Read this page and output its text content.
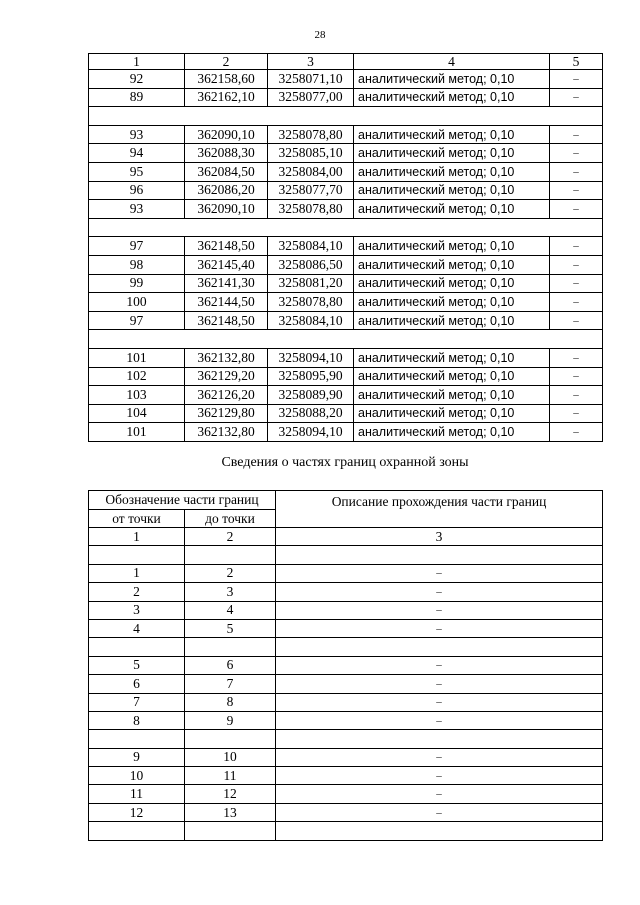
28
1	2	3	4	5
92	362158,60	3258071,10	аналитический метод; 0,10	–
89	362162,10	3258077,00	аналитический метод; 0,10	–

93	362090,10	3258078,80	аналитический метод; 0,10	–
94	362088,30	3258085,10	аналитический метод; 0,10	–
95	362084,50	3258084,00	аналитический метод; 0,10	–
96	362086,20	3258077,70	аналитический метод; 0,10	–
93	362090,10	3258078,80	аналитический метод; 0,10	–

97	362148,50	3258084,10	аналитический метод; 0,10	–
98	362145,40	3258086,50	аналитический метод; 0,10	–
99	362141,30	3258081,20	аналитический метод; 0,10	–
100	362144,50	3258078,80	аналитический метод; 0,10	–
97	362148,50	3258084,10	аналитический метод; 0,10	–

101	362132,80	3258094,10	аналитический метод; 0,10	–
102	362129,20	3258095,90	аналитический метод; 0,10	–
103	362126,20	3258089,90	аналитический метод; 0,10	–
104	362129,80	3258088,20	аналитический метод; 0,10	–
101	362132,80	3258094,10	аналитический метод; 0,10	–
Сведения о частях границ охранной зоны
Обозначение части границ		Описание прохождения части границ
от точки	до точки	
1	2	3

1	2	–
2	3	–
3	4	–
4	5	–

5	6	–
6	7	–
7	8	–
8	9	–

9	10	–
10	11	–
11	12	–
12	13	–
